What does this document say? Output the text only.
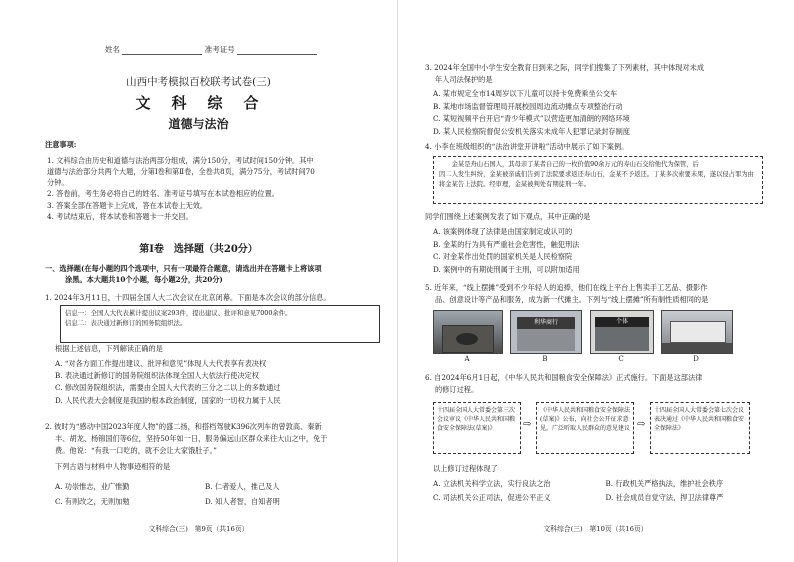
姓名	准考证号
山西中考模拟百校联考试卷(三)
文　科　综　合
道德与法治
注意事项:
1. 文科综合由历史和道德与法治两部分组成，满分150分，考试时间150分钟。其中
道德与法治部分共两个大题，分第Ⅰ卷和第Ⅱ卷，全卷共8页，满分75分，考试时间70
分钟。
2. 答卷前，考生务必将自己的姓名、准考证号填写在本试卷相应的位置。
3. 答案全部在答题卡上完成，答在本试卷上无效。
4. 考试结束后，将本试卷和答题卡一并交回。
第Ⅰ卷　选择题（共20分）
一、选择题(在每小题的四个选项中，只有一项最符合题意，请选出并在答题卡上将该项
涂黑。本大题共10个小题，每小题2分，共20分)
1. 2024年3月11日，十四届全国人大二次会议在北京闭幕。下面是本次会议的部分信息。
信息一：全国人大代表累计提出议案293件，提出建议、批评和意见7000余件。
信息二：表决通过新修订的国务院组织法。
根据上述信息，下列解读正确的是
A. “对各方面工作提出建议、批评和意见”体现人大代表享有表决权
B. 表决通过新修订的国务院组织法体现全国人大依法行使决定权
C. 修改国务院组织法，需要由全国人大代表的三分之二以上的多数通过
D. 人民代表大会制度是我国的根本政治制度，国家的一切权力属于人民
2. 彼时为“感动中国2023年度人物”的盛二扬，和搭档驾驶K396次列车的曾敦高、秦新
丰、胡龙、杨锦国们等6位，坚持50年如一日，服务偏远山区群众来往大山之中，免于
费。他说：“有我一口吃的，就不会让大家饿肚子。”
下列古语与材料中人物事迹相符的是
A. 功崇惟志，业广惟勤	B. 仁者爱人，推己及人
C. 有则改之，无则加勉	D. 知人者智，自知者明
文科综合(三)　第9页（共16页）
3. 2024年全国中小学生安全教育日到来之际，同学们搜集了下列素材，其中体现对未成
年人司法保护的是
A. 某市规定全市14周岁以下儿童可以持卡免费乘坐公交车
B. 某地市场监督管理局开展校园周边流动摊点专项整治行动
C. 某短视频平台开启“青少年模式”以营造更加清朗的网络环境
D. 某人民检察院督促公安机关落实未成年人犯罪记录封存制度
4. 小李在班级组织的“法治讲堂开讲啦”活动中展示了如下案例。
　　金某是舟山石国人，其母亲了某者自己的一枚价值90余万元的寿山石交给他代为保管，后
因二人发生纠纷，金某被亲戚们告到了法院要求返还寿山石，金某不予返还。丁某多次索要未果，遂以侵占罪为由
将金某告上法院。经审理，金某被判处有期徒刑一年。
同学们围绕上述案例发表了如下观点，其中正确的是
A. 该案例体现了法律是由国家制定或认可的
B. 金某的行为具有严重社会危害性，触犯刑法
C. 对金某作出处罚的国家机关是人民检察院
D. 案例中的有期徒刑属于主刑，可以附加适用
5. 近年来，“线上摆摊”受到不少年轻人的追捧，他们在线上平台上售卖手工艺品、摄影作
品、创意设计等产品和服务，成为新一代摊主。下列与“线上摆摊”所有制性质相同的是
利华商行	个体
A	B	C	D
6. 自2024年6月1日起，《中华人民共和国粮食安全保障法》正式施行。下面是这部法律
的修订过程。
十四届全国人大常委会第三次会议审议《中华人民共和国粮食安全保障法(草案)》	⇨
《中华人民共和国粮食安全保障法(草案)》公布，向社会公开征求意见，广泛听取人民群众的意见建议 ⇨
十四届全国人大常委会第七次会议表决通过《中华人民共和国粮食安全保障法》
以上修订过程体现了
A. 立法机关科学立法，实行良法之治	B. 行政机关严格执法，维护社会秩序
C. 司法机关公正司法，促进公平正义	D. 社会成员自觉守法，捍卫法律尊严
文科综合(三)　第10页（共16页）
